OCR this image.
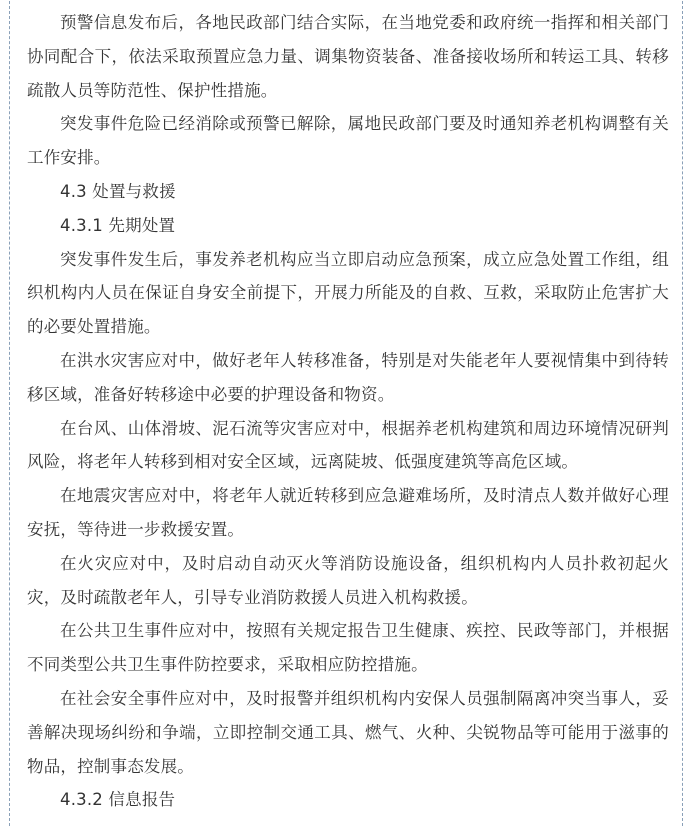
预警信息发布后，各地民政部门结合实际，在当地党委和政府统一指挥和相关部门协同配合下，依法采取预置应急力量、调集物资装备、准备接收场所和转运工具、转移疏散人员等防范性、保护性措施。

突发事件危险已经消除或预警已解除，属地民政部门要及时通知养老机构调整有关工作安排。

4.3 处置与救援

4.3.1 先期处置

突发事件发生后，事发养老机构应当立即启动应急预案，成立应急处置工作组，组织机构内人员在保证自身安全前提下，开展力所能及的自救、互救，采取防止危害扩大的必要处置措施。

在洪水灾害应对中，做好老年人转移准备，特别是对失能老年人要视情集中到待转移区域，准备好转移途中必要的护理设备和物资。

在台风、山体滑坡、泥石流等灾害应对中，根据养老机构建筑和周边环境情况研判风险，将老年人转移到相对安全区域，远离陡坡、低强度建筑等高危区域。

在地震灾害应对中，将老年人就近转移到应急避难场所，及时清点人数并做好心理安抚，等待进一步救援安置。

在火灾应对中，及时启动自动灭火等消防设施设备，组织机构内人员扑救初起火灾，及时疏散老年人，引导专业消防救援人员进入机构救援。

在公共卫生事件应对中，按照有关规定报告卫生健康、疾控、民政等部门，并根据不同类型公共卫生事件防控要求，采取相应防控措施。

在社会安全事件应对中，及时报警并组织机构内安保人员强制隔离冲突当事人，妥善解决现场纠纷和争端，立即控制交通工具、燃气、火种、尖锐物品等可能用于滋事的物品，控制事态发展。

4.3.2 信息报告
